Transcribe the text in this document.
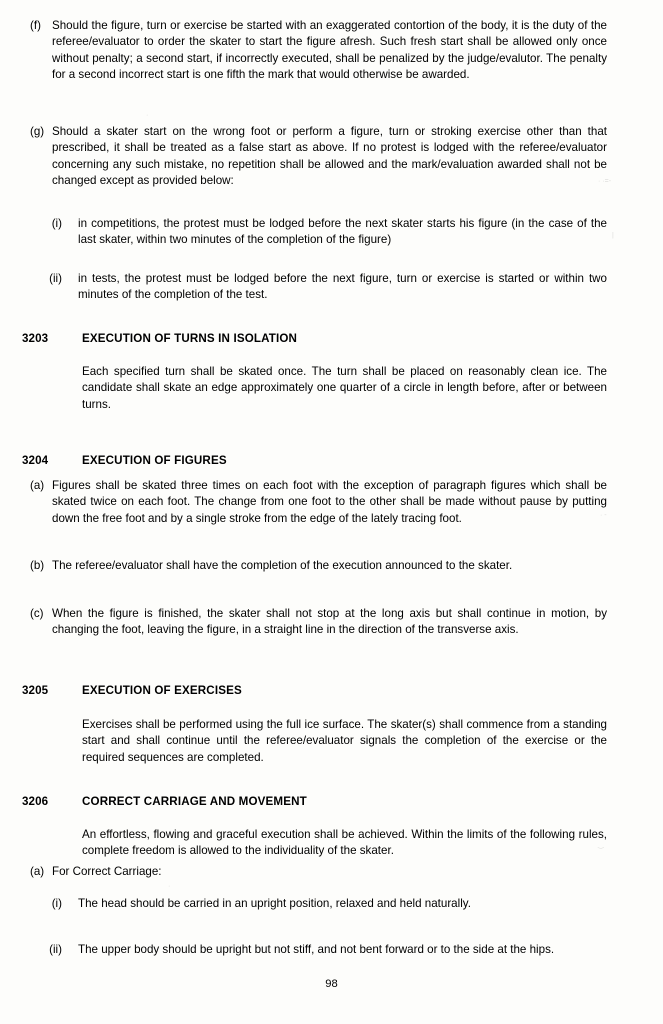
· ·=-
|
· -
‿
·
·
(f) Should the figure, turn or exercise be started with an exaggerated contortion of the body, it is the duty of the referee/evaluator to order the skater to start the figure afresh. Such fresh start shall be allowed only once without penalty; a second start, if incorrectly executed, shall be penalized by the judge/evalutor. The penalty for a second incorrect start is one fifth the mark that would otherwise be awarded.
(g) Should a skater start on the wrong foot or perform a figure, turn or stroking exercise other than that prescribed, it shall be treated as a false start as above. If no protest is lodged with the referee/evaluator concerning any such mistake, no repetition shall be allowed and the mark/evaluation awarded shall not be changed except as provided below:
(i)	in competitions, the protest must be lodged before the next skater starts his figure (in the case of the last skater, within two minutes of the completion of the figure)
(ii)	in tests, the protest must be lodged before the next figure, turn or exercise is started or within two minutes of the completion of the test.
3203	EXECUTION OF TURNS IN ISOLATION
Each specified turn shall be skated once. The turn shall be placed on reasonably clean ice. The candidate shall skate an edge approximately one quarter of a circle in length before, after or between turns.
3204	EXECUTION OF FIGURES
(a) Figures shall be skated three times on each foot with the exception of paragraph figures which shall be skated twice on each foot. The change from one foot to the other shall be made without pause by putting down the free foot and by a single stroke from the edge of the lately tracing foot.
(b) The referee/evaluator shall have the completion of the execution announced to the skater.
(c) When the figure is finished, the skater shall not stop at the long axis but shall continue in motion, by changing the foot, leaving the figure, in a straight line in the direction of the transverse axis.
3205	EXECUTION OF EXERCISES
Exercises shall be performed using the full ice surface. The skater(s) shall commence from a standing start and shall continue until the referee/evaluator signals the completion of the exercise or the required sequences are completed.
3206	CORRECT CARRIAGE AND MOVEMENT
An effortless, flowing and graceful execution shall be achieved. Within the limits of the following rules, complete freedom is allowed to the individuality of the skater.
(a) For Correct Carriage:
(i)	The head should be carried in an upright position, relaxed and held naturally.
(ii)	The upper body should be upright but not stiff, and not bent forward or to the side at the hips.
98
